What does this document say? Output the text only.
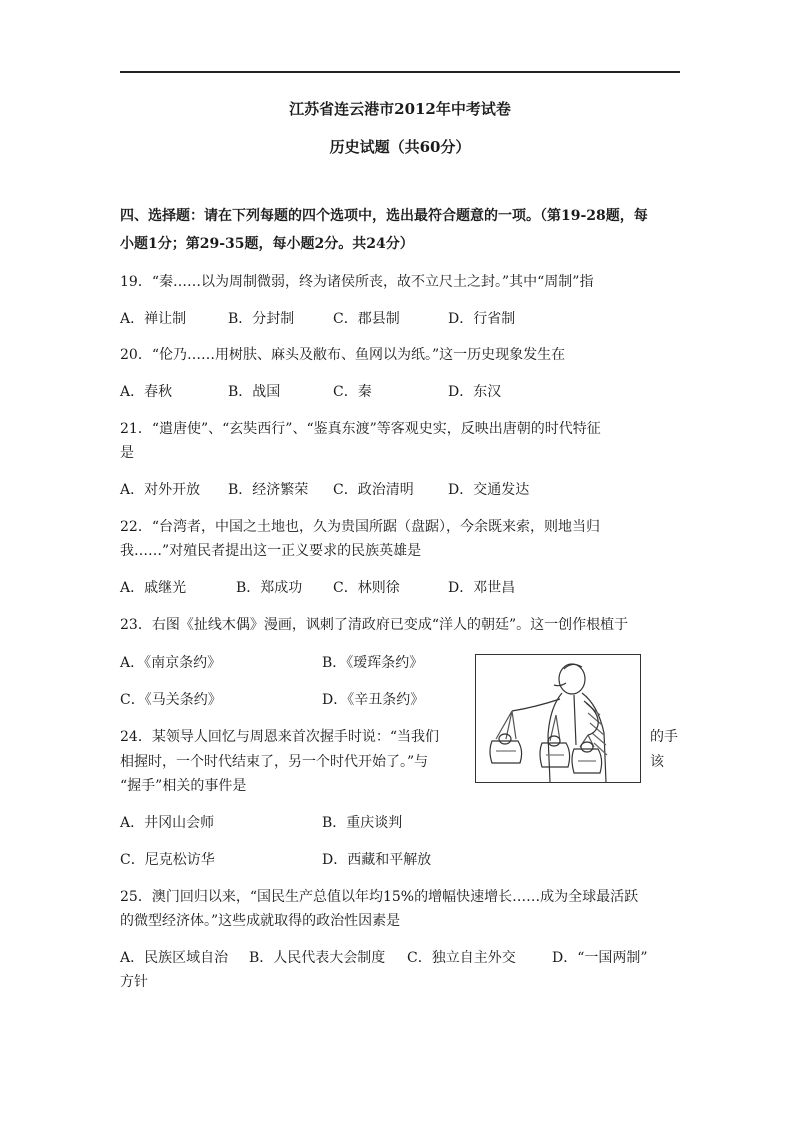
江苏省连云港市2012年中考试卷
历史试题（共60分）
四、选择题：请在下列每题的四个选项中，选出最符合题意的一项。（第19-28题，每
小题1分；第29-35题，每小题2分。共24分）
19．“秦……以为周制微弱，终为诸侯所丧，故不立尺土之封。”其中“周制”指
A．禅让制	B．分封制	C．郡县制	D．行省制
20．“伦乃……用树肤、麻头及敝布、鱼网以为纸。”这一历史现象发生在
A．春秋	B．战国	C．秦	D．东汉
21．“遣唐使”、“玄奘西行”、“鉴真东渡”等客观史实，反映出唐朝的时代特征
是
A．对外开放 B．经济繁荣 C．政治清明 D．交通发达
22．“台湾者，中国之土地也，久为贵国所踞（盘踞），今余既来索，则地当归
我……”对殖民者提出这一正义要求的民族英雄是
A．戚继光	B．郑成功 C．林则徐	D．邓世昌
23．右图《扯线木偶》漫画，讽刺了清政府已变成“洋人的朝廷”。这一创作根植于
A．《南京条约》	B．《瑷珲条约》
C．《马关条约》	D．《辛丑条约》
24．某领导人回忆与周恩来首次握手时说：“当我们	的手
相握时，一个时代结束了，另一个时代开始了。”与	该
“握手”相关的事件是
A．井冈山会师	B．重庆谈判
C．尼克松访华	D．西藏和平解放
25．澳门回归以来，“国民生产总值以年均15%的增幅快速增长……成为全球最活跃
的微型经济体。”这些成就取得的政治性因素是
A．民族区域自治 B．人民代表大会制度 C．独立自主外交	D．“一国两制”
方针
